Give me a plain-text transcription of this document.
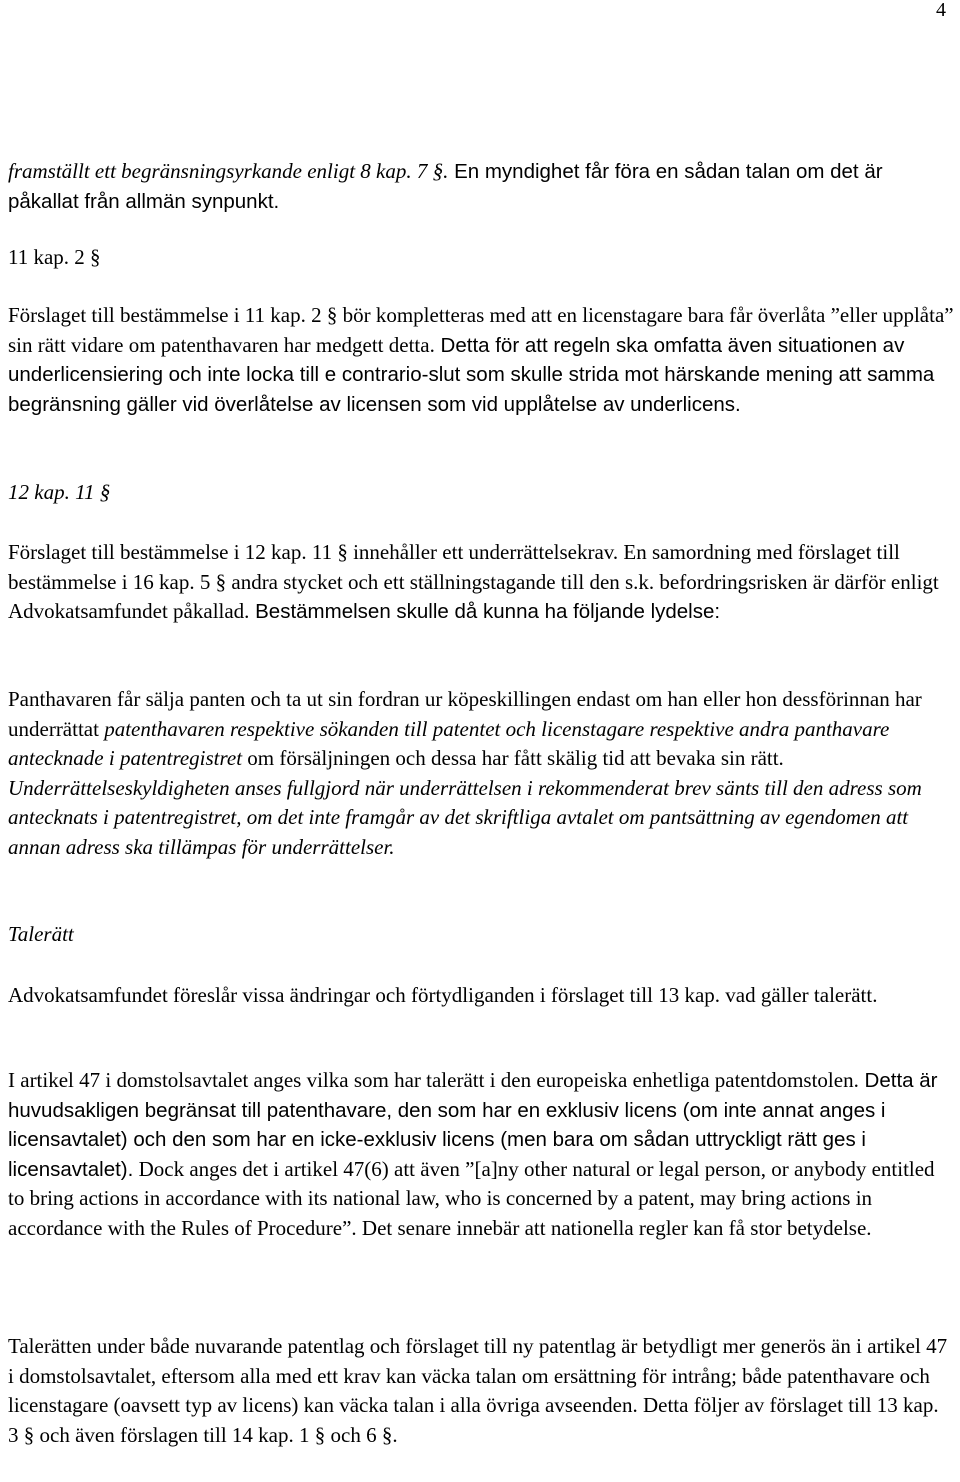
4

framställt ett begränsningsyrkande enligt 8 kap. 7 §. En myndighet får föra en sådan talan om det är påkallat från allmän synpunkt.

11 kap. 2 §

Förslaget till bestämmelse i 11 kap. 2 § bör kompletteras med att en licenstagare bara får överlåta ”eller upplåta” sin rätt vidare om patenthavaren har medgett detta. Detta för att regeln ska omfatta även situationen av underlicensiering och inte locka till e contrario-slut som skulle strida mot härskande mening att samma begränsning gäller vid överlåtelse av licensen som vid upplåtelse av underlicens.

12 kap. 11 §

Förslaget till bestämmelse i 12 kap. 11 § innehåller ett underrättelsekrav. En samordning med förslaget till bestämmelse i 16 kap. 5 § andra stycket och ett ställningstagande till den s.k. befordringsrisken är därför enligt Advokatsamfundet påkallad. Bestämmelsen skulle då kunna ha följande lydelse:

Panthavaren får sälja panten och ta ut sin fordran ur köpeskillingen endast om han eller hon dessförinnan har underrättat patenthavaren respektive sökanden till patentet och licenstagare respektive andra panthavare antecknade i patentregistret om försäljningen och dessa har fått skälig tid att bevaka sin rätt. Underrättelseskyldigheten anses fullgjord när underrättelsen i rekommenderat brev sänts till den adress som antecknats i patentregistret, om det inte framgår av det skriftliga avtalet om pantsättning av egendomen att annan adress ska tillämpas för underrättelser.

Talerätt

Advokatsamfundet föreslår vissa ändringar och förtydliganden i förslaget till 13 kap. vad gäller talerätt.

I artikel 47 i domstolsavtalet anges vilka som har talerätt i den europeiska enhetliga patentdomstolen. Detta är huvudsakligen begränsat till patenthavare, den som har en exklusiv licens (om inte annat anges i licensavtalet) och den som har en icke-exklusiv licens (men bara om sådan uttryckligt rätt ges i licensavtalet). Dock anges det i artikel 47(6) att även ”[a]ny other natural or legal person, or anybody entitled to bring actions in accordance with its national law, who is concerned by a patent, may bring actions in accordance with the Rules of Procedure”. Det senare innebär att nationella regler kan få stor betydelse.

Talerätten under både nuvarande patentlag och förslaget till ny patentlag är betydligt mer generös än i artikel 47 i domstolsavtalet, eftersom alla med ett krav kan väcka talan om ersättning för intrång; både patenthavare och licenstagare (oavsett typ av licens) kan väcka talan i alla övriga avseenden. Detta följer av förslaget till 13 kap. 3 § och även förslagen till 14 kap. 1 § och 6 §.
